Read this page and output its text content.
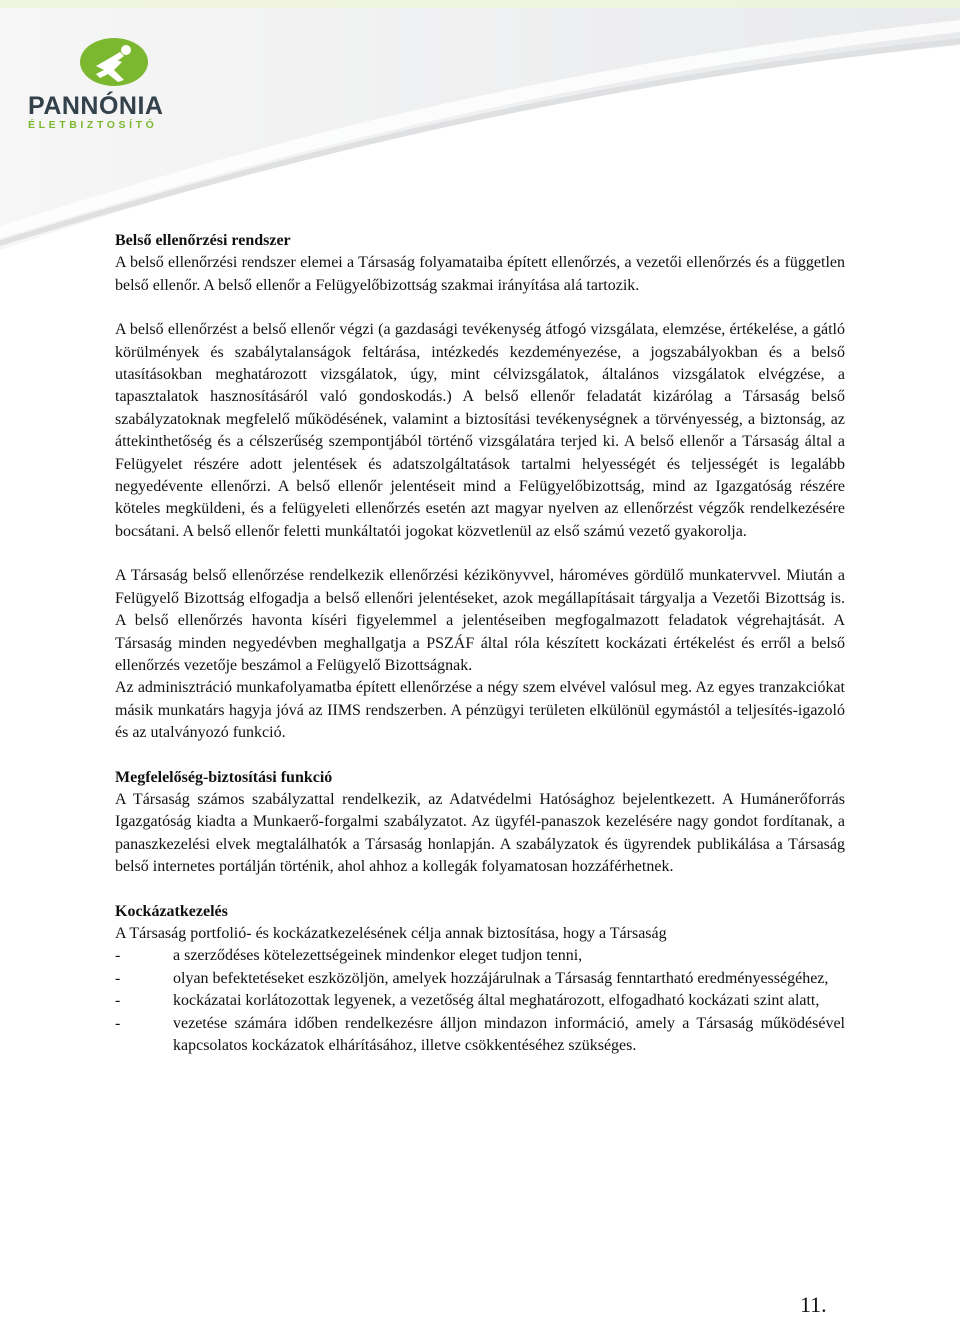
PANNÓNIA
ÉLETBIZTOSÍTÓ
Belső ellenőrzési rendszer

A belső ellenőrzési rendszer elemei a Társaság folyamataiba épített ellenőrzés, a vezetői ellenőrzés és a független belső ellenőr. A belső ellenőr a Felügyelőbizottság szakmai irányítása alá tartozik.

A belső ellenőrzést a belső ellenőr végzi (a gazdasági tevékenység átfogó vizsgálata, elemzése, értékelése, a gátló körülmények és szabálytalanságok feltárása, intézkedés kezdeményezése, a jogszabályokban és a belső utasításokban meghatározott vizsgálatok, úgy, mint célvizsgálatok, általános vizsgálatok elvégzése, a tapasztalatok hasznosításáról való gondoskodás.) A belső ellenőr feladatát kizárólag a Társaság belső szabályzatoknak megfelelő működésének, valamint a biztosítási tevékenységnek a törvényesség, a biztonság, az áttekinthetőség és a célszerűség szempontjából történő vizsgálatára terjed ki. A belső ellenőr a Társaság által a Felügyelet részére adott jelentések és adatszolgáltatások tartalmi helyességét és teljességét is legalább negyedévente ellenőrzi. A belső ellenőr jelentéseit mind a Felügyelőbizottság, mind az Igazgatóság részére köteles megküldeni, és a felügyeleti ellenőrzés esetén azt magyar nyelven az ellenőrzést végzők rendelkezésére bocsátani. A belső ellenőr feletti munkáltatói jogokat közvetlenül az első számú vezető gyakorolja.

A Társaság belső ellenőrzése rendelkezik ellenőrzési kézikönyvvel, hároméves gördülő munkatervvel. Miután a Felügyelő Bizottság elfogadja a belső ellenőri jelentéseket, azok megállapításait tárgyalja a Vezetői Bizottság is. A belső ellenőrzés havonta kíséri figyelemmel a jelentéseiben megfogalmazott feladatok végrehajtását. A Társaság minden negyedévben meghallgatja a PSZÁF által róla készített kockázati értékelést és erről a belső ellenőrzés vezetője beszámol a Felügyelő Bizottságnak.

Az adminisztráció munkafolyamatba épített ellenőrzése a négy szem elvével valósul meg. Az egyes tranzakciókat másik munkatárs hagyja jóvá az IIMS rendszerben. A pénzügyi területen elkülönül egymástól a teljesítés-igazoló és az utalványozó funkció.

Megfelelőség-biztosítási funkció

A Társaság számos szabályzattal rendelkezik, az Adatvédelmi Hatósághoz bejelentkezett. A Humánerőforrás Igazgatóság kiadta a Munkaerő-forgalmi szabályzatot. Az ügyfél-panaszok kezelésére nagy gondot fordítanak, a panaszkezelési elvek megtalálhatók a Társaság honlapján. A szabályzatok és ügyrendek publikálása a Társaság belső internetes portálján történik, ahol ahhoz a kollegák folyamatosan hozzáférhetnek.

Kockázatkezelés

A Társaság portfolió- és kockázatkezelésének célja annak biztosítása, hogy a Társaság

-	a szerződéses kötelezettségeinek mindenkor eleget tudjon tenni,
-	olyan befektetéseket eszközöljön, amelyek hozzájárulnak a Társaság fenntartható eredményességéhez,
-	kockázatai korlátozottak legyenek, a vezetőség által meghatározott, elfogadható kockázati szint alatt,
-	vezetése számára időben rendelkezésre álljon mindazon információ, amely a Társaság működésével kapcsolatos kockázatok elhárításához, illetve csökkentéséhez szükséges.
11.
